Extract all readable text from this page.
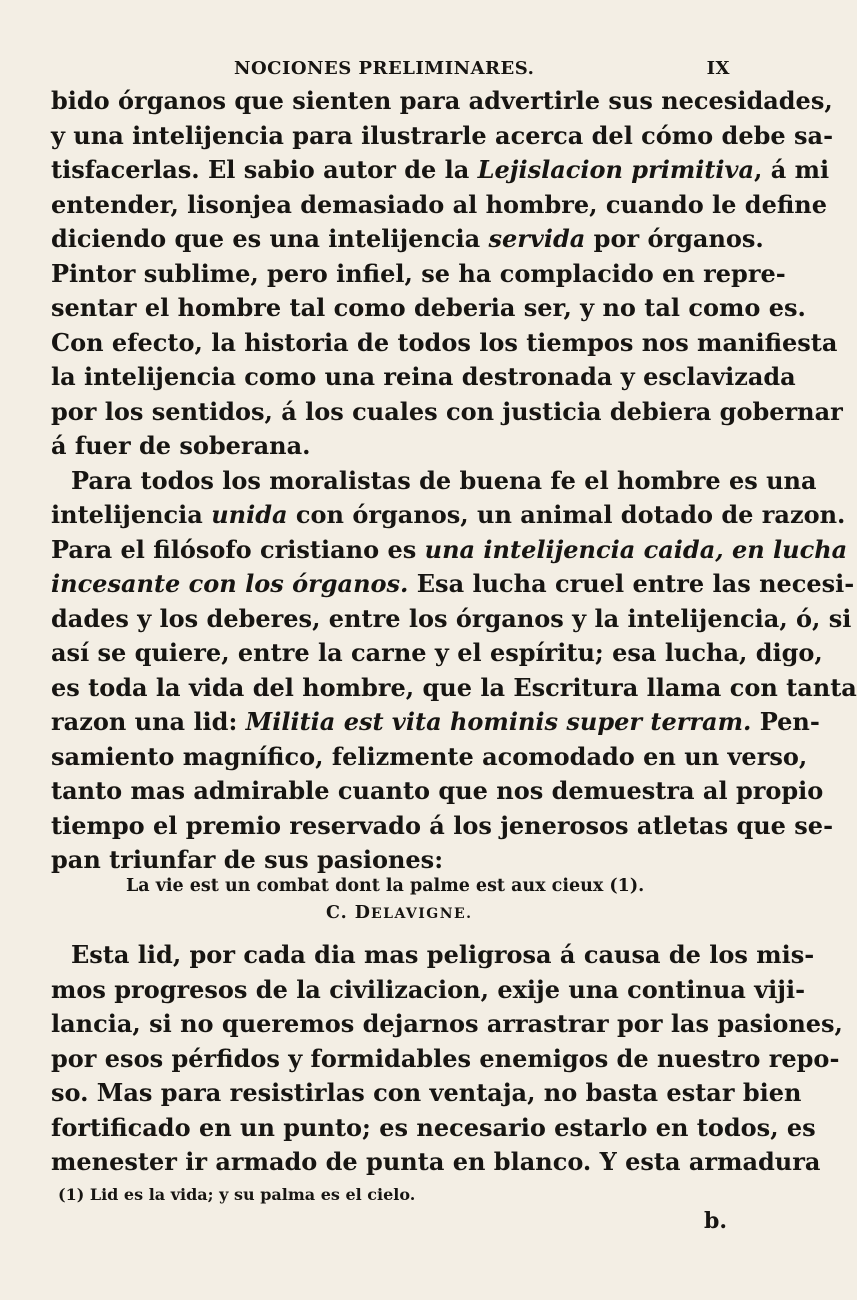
NOCIONES PRELIMINARES.	IX
bido órganos que sienten para advertirle sus necesidades,
y una intelijencia para ilustrarle acerca del cómo debe sa-
tisfacerlas. El sabio autor de la Lejislacion primitiva, á mi
entender, lisonjea demasiado al hombre, cuando le define
diciendo que es una intelijencia servida por órganos.
Pintor sublime, pero infiel, se ha complacido en repre-
sentar el hombre tal como deberia ser, y no tal como es.
Con efecto, la historia de todos los tiempos nos manifiesta
la intelijencia como una reina destronada y esclavizada
por los sentidos, á los cuales con justicia debiera gobernar
á fuer de soberana.
Para todos los moralistas de buena fe el hombre es una
intelijencia unida con órganos, un animal dotado de razon.
Para el filósofo cristiano es una intelijencia caida, en lucha
incesante con los órganos. Esa lucha cruel entre las necesi-
dades y los deberes, entre los órganos y la intelijencia, ó, si
así se quiere, entre la carne y el espíritu; esa lucha, digo,
es toda la vida del hombre, que la Escritura llama con tanta
razon una lid: Militia est vita hominis super terram. Pen-
samiento magnífico, felizmente acomodado en un verso,
tanto mas admirable cuanto que nos demuestra al propio
tiempo el premio reservado á los jenerosos atletas que se-
pan triunfar de sus pasiones:
La vie est un combat dont la palme est aux cieux (1).
C. DELAVIGNE.
Esta lid, por cada dia mas peligrosa á causa de los mis-
mos progresos de la civilizacion, exije una continua viji-
lancia, si no queremos dejarnos arrastrar por las pasiones,
por esos pérfidos y formidables enemigos de nuestro repo-
so. Mas para resistirlas con ventaja, no basta estar bien
fortificado en un punto; es necesario estarlo en todos, es
menester ir armado de punta en blanco. Y esta armadura
(1) Lid es la vida; y su palma es el cielo.
b.
